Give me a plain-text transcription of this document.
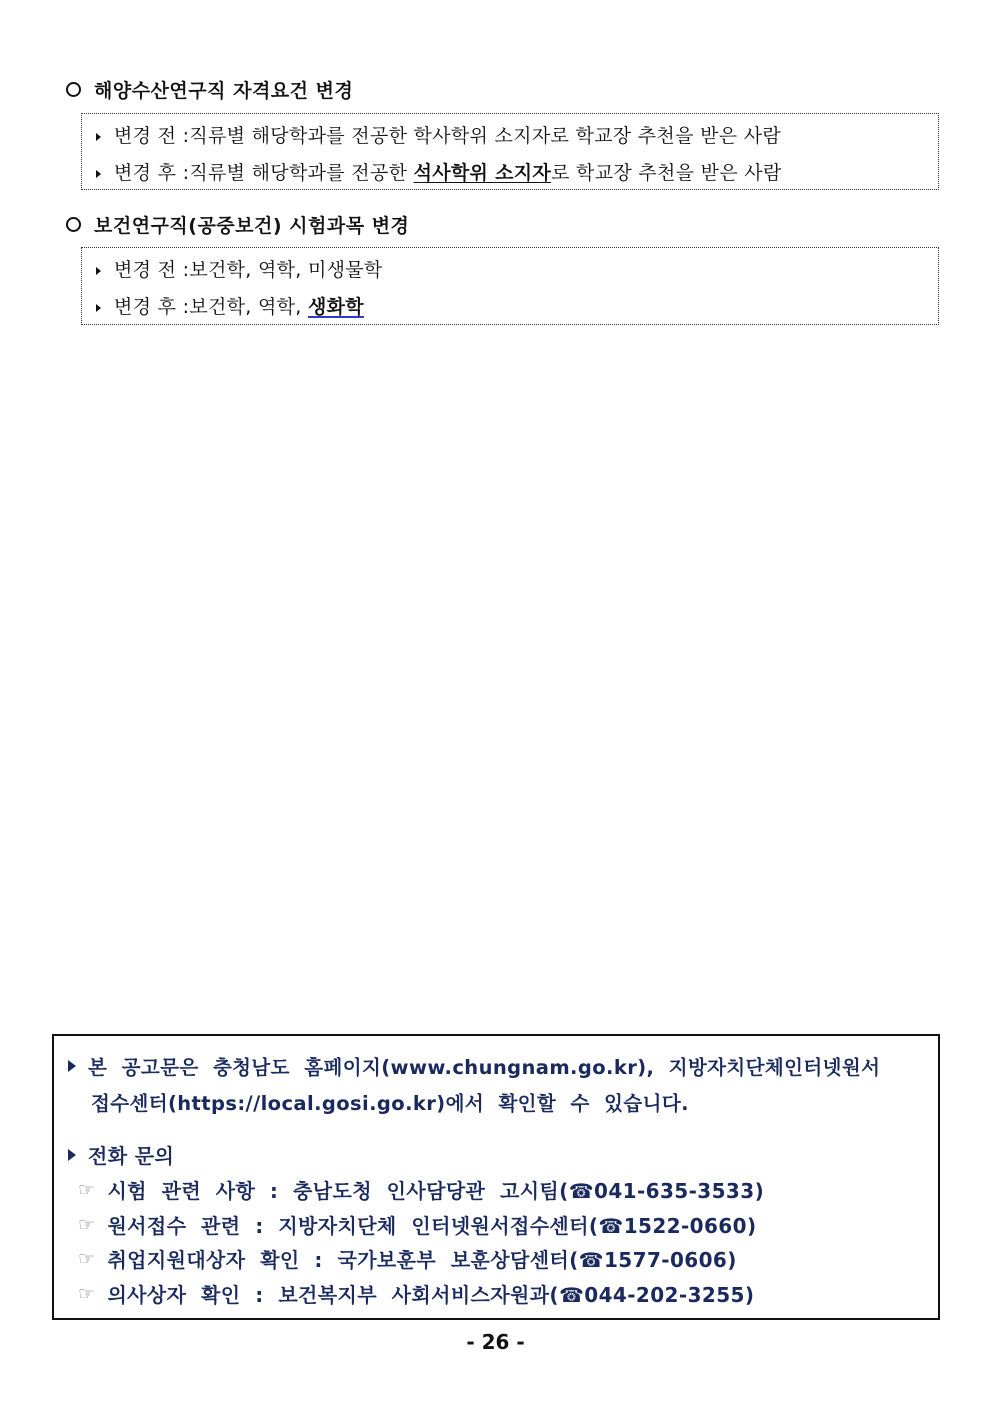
해양수산연구직 자격요건 변경
변경 전 : 직류별 해당학과를 전공한 학사학위 소지자로 학교장 추천을 받은 사람
변경 후 : 직류별 해당학과를 전공한 석사학위 소지자 로 학교장 추천을 받은 사람
보건연구직(공중보건) 시험과목 변경
변경 전 : 보건학, 역학, 미생물학
변경 후 : 보건학, 역학, 생화학
본  공고문은  충청남도  홈페이지(www.chungnam.go.kr),  지방자치단체인터넷원서
접수센터(https://local.gosi.go.kr)에서  확인할  수  있습니다.
전화 문의
☞ 시험  관련  사항  :  충남도청  인사담당관  고시팀(☎041-635-3533)
☞ 원서접수  관련  :  지방자치단체  인터넷원서접수센터(☎1522-0660)
☞ 취업지원대상자  확인  :  국가보훈부  보훈상담센터(☎1577-0606)
☞ 의사상자  확인  :  보건복지부  사회서비스자원과(☎044-202-3255)
- 26 -
